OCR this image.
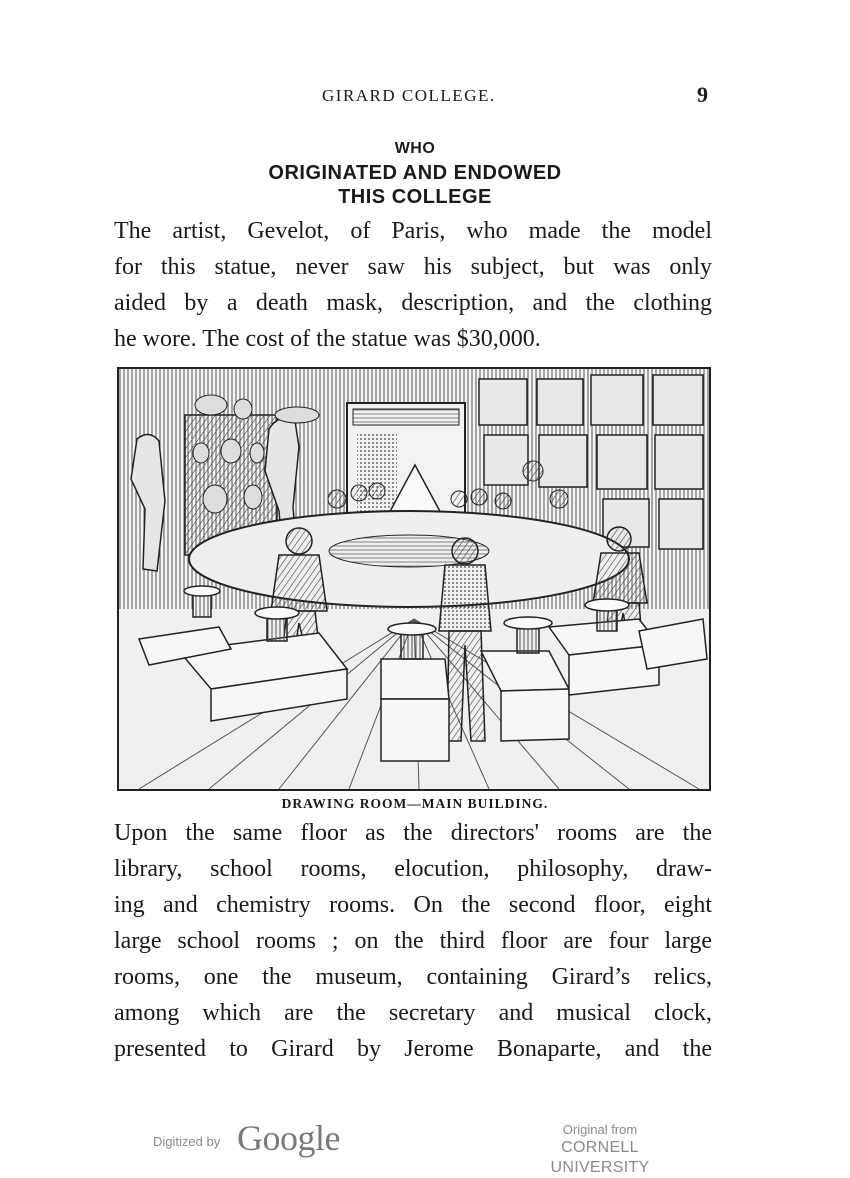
GIRARD COLLEGE.	9
WHO
ORIGINATED AND ENDOWED
THIS COLLEGE

The artist, Gevelot, of Paris, who made the model
for this statue, never saw his subject, but was only
aided by a death mask, description, and the clothing
he wore. The cost of the statue was $30,000.

DRAWING ROOM—MAIN BUILDING.

Upon the same floor as the directors' rooms are the
library, school rooms, elocution, philosophy, draw-
ing and chemistry rooms. On the second floor, eight
large school rooms ; on the third floor are four large
rooms, one the museum, containing Girard’s relics,
among which are the secretary and musical clock,
presented to Girard by Jerome Bonaparte, and the

Digitized by Google	Original from
CORNELL UNIVERSITY
